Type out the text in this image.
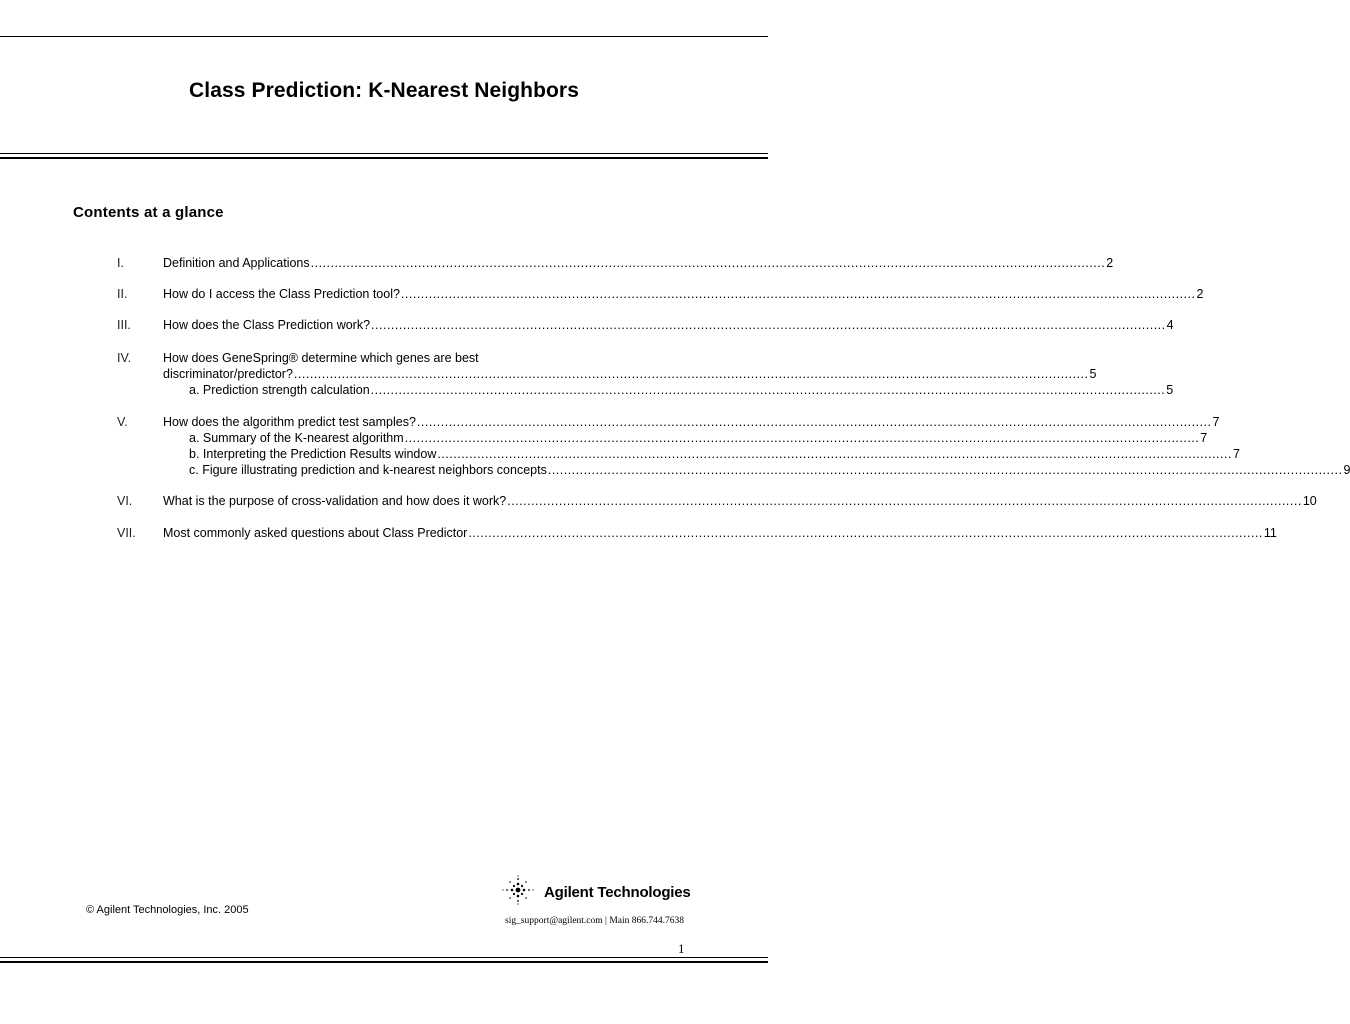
Class Prediction: K-Nearest Neighbors
Contents at a glance
I.	Definition and Applications ........................................................................................................................................................................................................ 2
II.	How do I access the Class Prediction tool? ........................................................................................................................................................................................................ 2
III.	How does the Class Prediction work? ........................................................................................................................................................................................................ 4
IV.	How does GeneSpring® determine which genes are best
discriminator/predictor? ........................................................................................................................................................................................................ 5
a. Prediction strength calculation ........................................................................................................................................................................................................ 5
V.	How does the algorithm predict test samples? ........................................................................................................................................................................................................ 7
a. Summary of the K-nearest algorithm ........................................................................................................................................................................................................ 7
b. Interpreting the Prediction Results window ........................................................................................................................................................................................................ 7
c. Figure illustrating prediction and k-nearest neighbors concepts ........................................................................................................................................................................................................ 9
VI. What is the purpose of cross-validation and how does it work? ........................................................................................................................................................................................................ 10
VII. Most commonly asked questions about Class Predictor ........................................................................................................................................................................................................ 11
© Agilent Technologies, Inc. 2005
Agilent Technologies
sig_support@agilent.com | Main 866.744.7638
1
